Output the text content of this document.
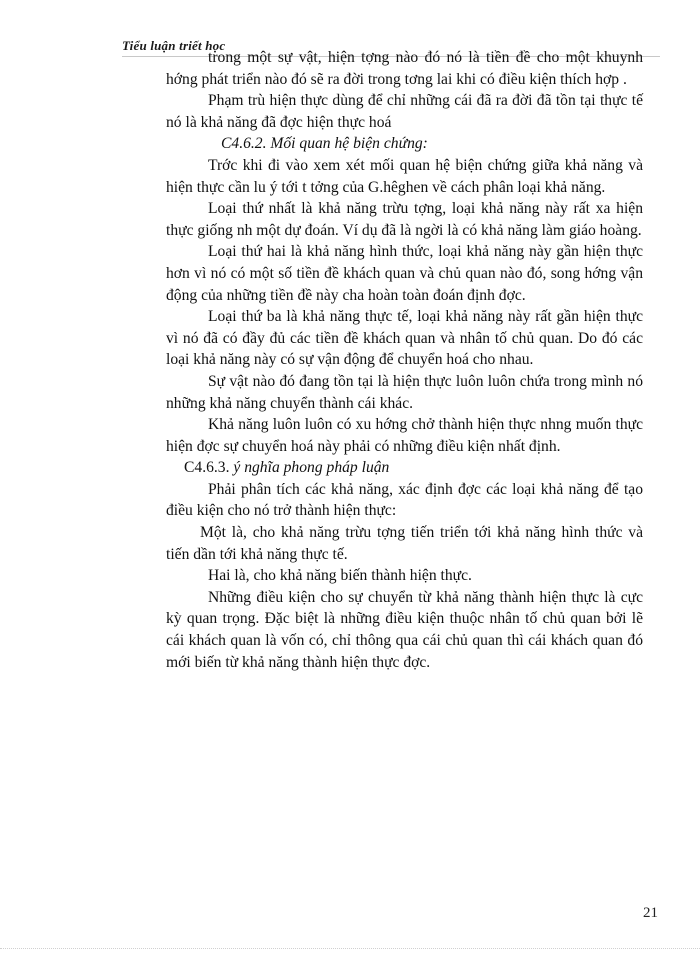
Tiểu luận triết học

trong một sự vật, hiện tợng nào đó nó là tiền đề cho một khuynh hớng phát triển nào đó sẽ ra đời trong tơng lai khi có điều kiện thích hợp .

Phạm trù hiện thực dùng để chỉ những cái đã ra đời đã tồn tại thực tế nó là khả năng đã đợc hiện thực hoá

C4.6.2. Mối quan hệ biện chứng:

Trớc khi đi vào xem xét mối quan hệ biện chứng giữa khả năng và hiện thực cần lu ý tới t tởng của G.hêghen về cách phân loại khả năng.

Loại thứ nhất là khả năng trừu tợng, loại khả năng này rất xa hiện thực giống nh một dự đoán. Ví dụ đã là ngời là có khả năng làm giáo hoàng.

Loại thứ hai là khả năng hình thức, loại khả năng này gần hiện thực hơn vì nó có một số tiền đề khách quan và chủ quan nào đó, song hớng vận động của những tiền đề này cha hoàn toàn đoán định đợc.

Loại thứ ba là khả năng thực tế, loại khả năng này rất gần hiện thực vì nó đã có đầy đủ các tiền đề khách quan và nhân tố chủ quan. Do đó các loại khả năng này có sự vận động để chuyển hoá cho nhau.

Sự vật nào đó đang tồn tại là hiện thực luôn luôn chứa trong mình nó những khả năng chuyển thành cái khác.

Khả năng luôn luôn có xu hớng chở thành hiện thực nhng muốn thực hiện đợc sự chuyển hoá này phải có những điều kiện nhất định.

C4.6.3. ý nghĩa phong pháp luận

Phải phân tích các khả năng, xác định đợc các loại khả năng để tạo điều kiện cho nó trở thành hiện thực:

Một là, cho khả năng trừu tợng tiến triển tới khả năng hình thức và tiến dần tới khả năng thực tế.

Hai là, cho khả năng biến thành hiện thực.

Những điều kiện cho sự chuyển từ khả năng thành hiện thực là cực kỳ quan trọng. Đặc biệt là những điều kiện thuộc nhân tố chủ quan bởi lẽ cái khách quan là vốn có, chỉ thông qua cái chủ quan thì cái khách quan đó mới biến từ khả năng thành hiện thực đợc.

21
